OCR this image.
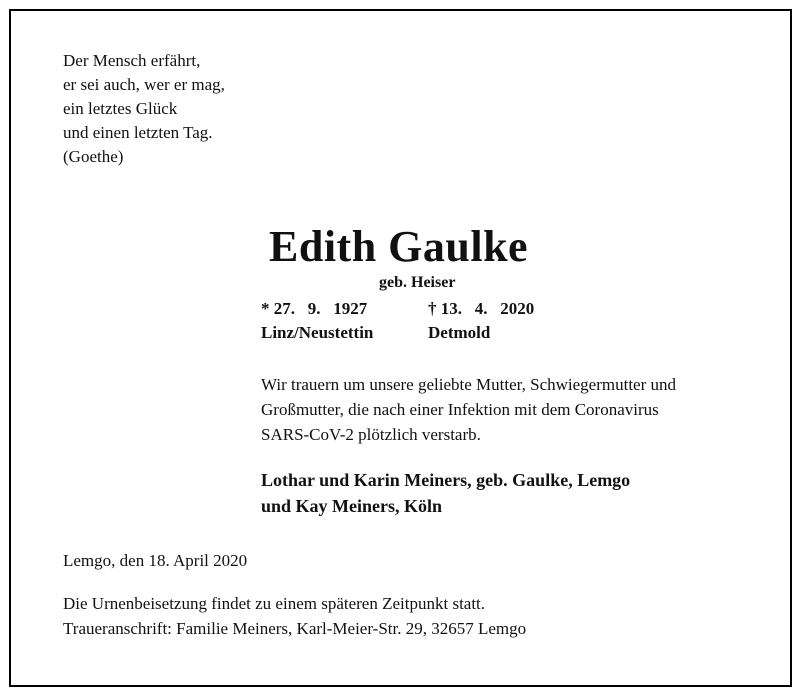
Der Mensch erfährt,
er sei auch, wer er mag,
ein letztes Glück
und einen letzten Tag.
(Goethe)
Edith Gaulke
geb. Heiser
* 27.   9.   1927	† 13.   4.   2020
Linz/Neustettin	Detmold
Wir trauern um unsere geliebte Mutter, Schwiegermutter und
Großmutter, die nach einer Infektion mit dem Coronavirus
SARS-CoV-2 plötzlich verstarb.
Lothar und Karin Meiners, geb. Gaulke, Lemgo
und Kay Meiners, Köln
Lemgo, den 18. April 2020
Die Urnenbeisetzung findet zu einem späteren Zeitpunkt statt.
Traueranschrift: Familie Meiners, Karl-Meier-Str. 29, 32657 Lemgo
